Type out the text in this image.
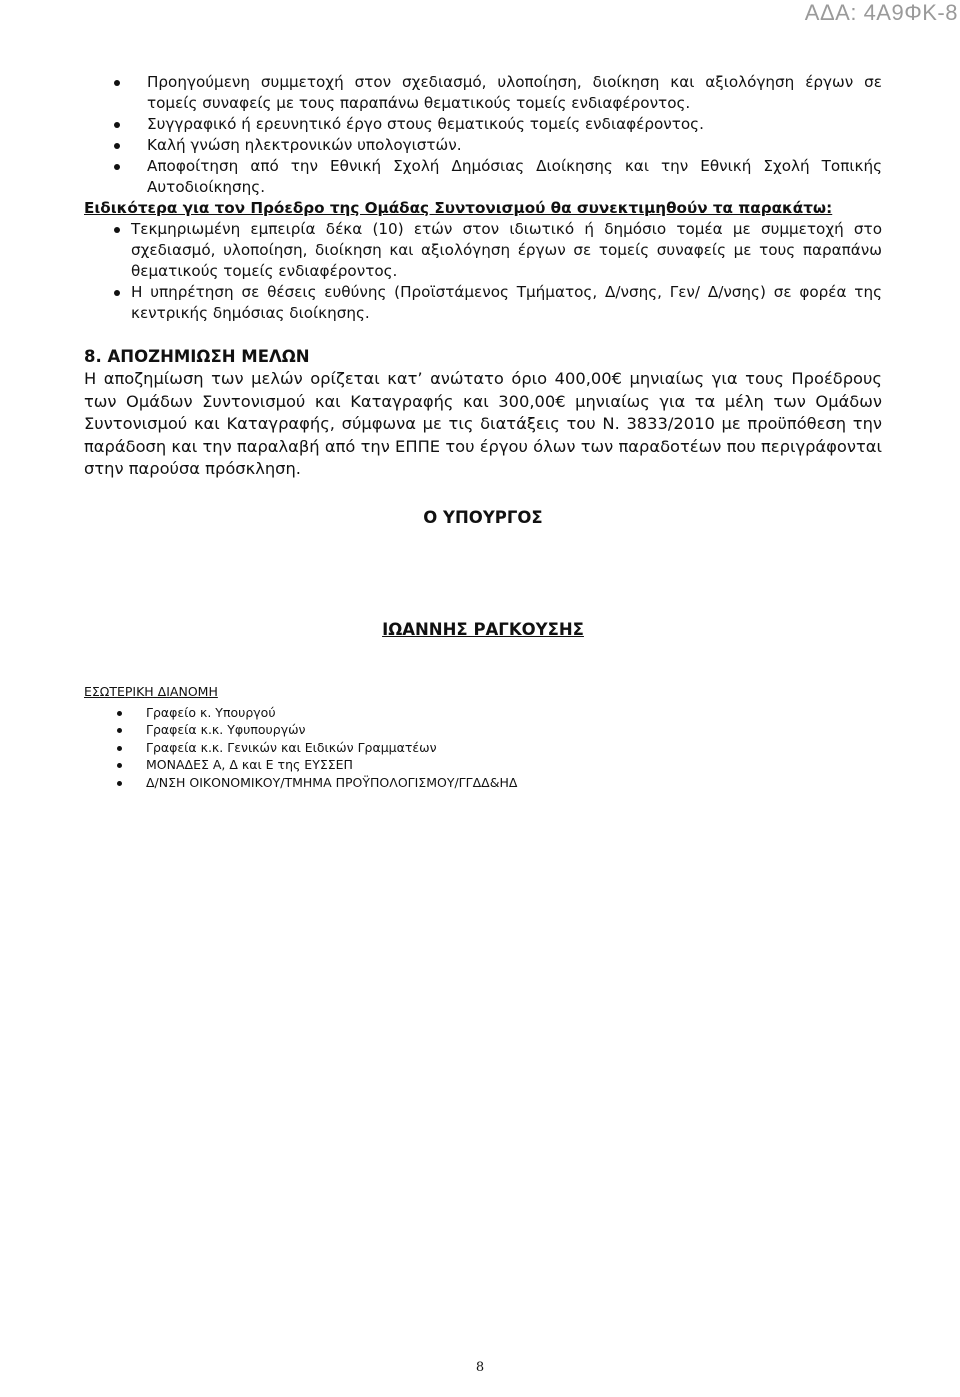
ΑΔΑ: 4Α9ΦΚ-8
Προηγούμενη συμμετοχή στον σχεδιασμό, υλοποίηση, διοίκηση και αξιολόγηση έργων σε τομείς συναφείς με τους παραπάνω θεματικούς τομείς ενδιαφέροντος.
Συγγραφικό ή ερευνητικό έργο στους θεματικούς τομείς ενδιαφέροντος.
Καλή γνώση ηλεκτρονικών υπολογιστών.
Αποφοίτηση από την Εθνική Σχολή Δημόσιας Διοίκησης και την Εθνική Σχολή Τοπικής Αυτοδιοίκησης.
Ειδικότερα για τον Πρόεδρο της Ομάδας Συντονισμού θα συνεκτιμηθούν τα παρακάτω:
Τεκμηριωμένη εμπειρία δέκα (10) ετών στον ιδιωτικό ή δημόσιο τομέα με συμμετοχή στο σχεδιασμό, υλοποίηση, διοίκηση και αξιολόγηση έργων σε τομείς συναφείς με τους παραπάνω θεματικούς τομείς ενδιαφέροντος.
Η υπηρέτηση σε θέσεις ευθύνης (Προϊστάμενος Τμήματος, Δ/νσης, Γεν/ Δ/νσης) σε φορέα της κεντρικής δημόσιας διοίκησης.
8. ΑΠΟΖΗΜΙΩΣΗ ΜΕΛΩΝ
Η αποζημίωση των μελών ορίζεται κατ’ ανώτατο όριο 400,00€ μηνιαίως για τους Προέδρους των Ομάδων Συντονισμού και Καταγραφής και 300,00€ μηνιαίως για τα μέλη των Ομάδων Συντονισμού και Καταγραφής, σύμφωνα με τις διατάξεις του Ν. 3833/2010 με προϋπόθεση την παράδοση και την παραλαβή από την ΕΠΠΕ του έργου όλων των παραδοτέων που περιγράφονται στην παρούσα πρόσκληση.
Ο ΥΠΟΥΡΓΟΣ
ΙΩΑΝΝΗΣ ΡΑΓΚΟΥΣΗΣ
ΕΣΩΤΕΡΙΚΗ ΔΙΑΝΟΜΗ
Γραφείο κ. Υπουργού
Γραφεία κ.κ. Υφυπουργών
Γραφεία κ.κ. Γενικών και Ειδικών Γραμματέων
ΜΟΝΑΔΕΣ Α, Δ και Ε της ΕΥΣΣΕΠ
Δ/ΝΣΗ ΟΙΚΟΝΟΜΙΚΟΥ/ΤΜΗΜΑ ΠΡΟΫΠΟΛΟΓΙΣΜΟΥ/ΓΓΔΔ&ΗΔ
8
